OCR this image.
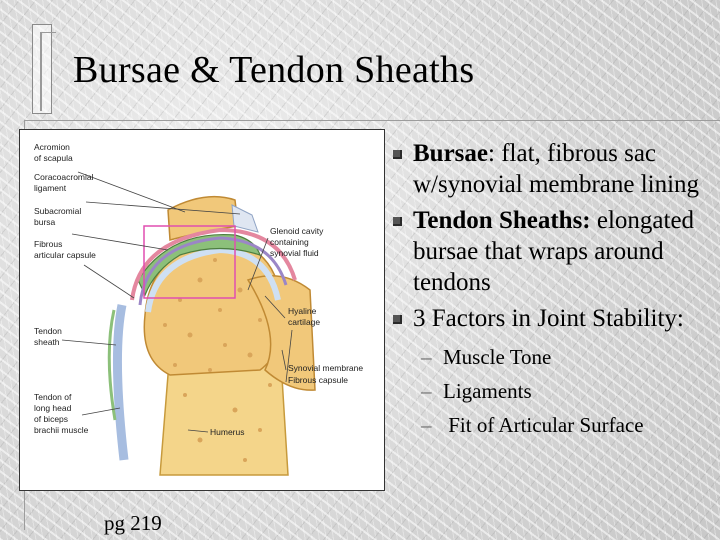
Bursae & Tendon Sheaths
Acromion
of scapula
Coracoacromial
ligament
Subacromial
bursa
Fibrous
articular capsule
Tendon
sheath
Tendon of
long head
of biceps
brachii muscle
Glenoid cavity
containing
synovial fluid
Hyaline
cartilage
Synovial membrane
Fibrous capsule
Humerus
pg 219
Bursae: flat, fibrous sac w/synovial membrane lining
Tendon Sheaths: elongated bursae that wraps around tendons
3 Factors in Joint Stability:
– Muscle Tone
– Ligaments
– Fit of Articular Surface
